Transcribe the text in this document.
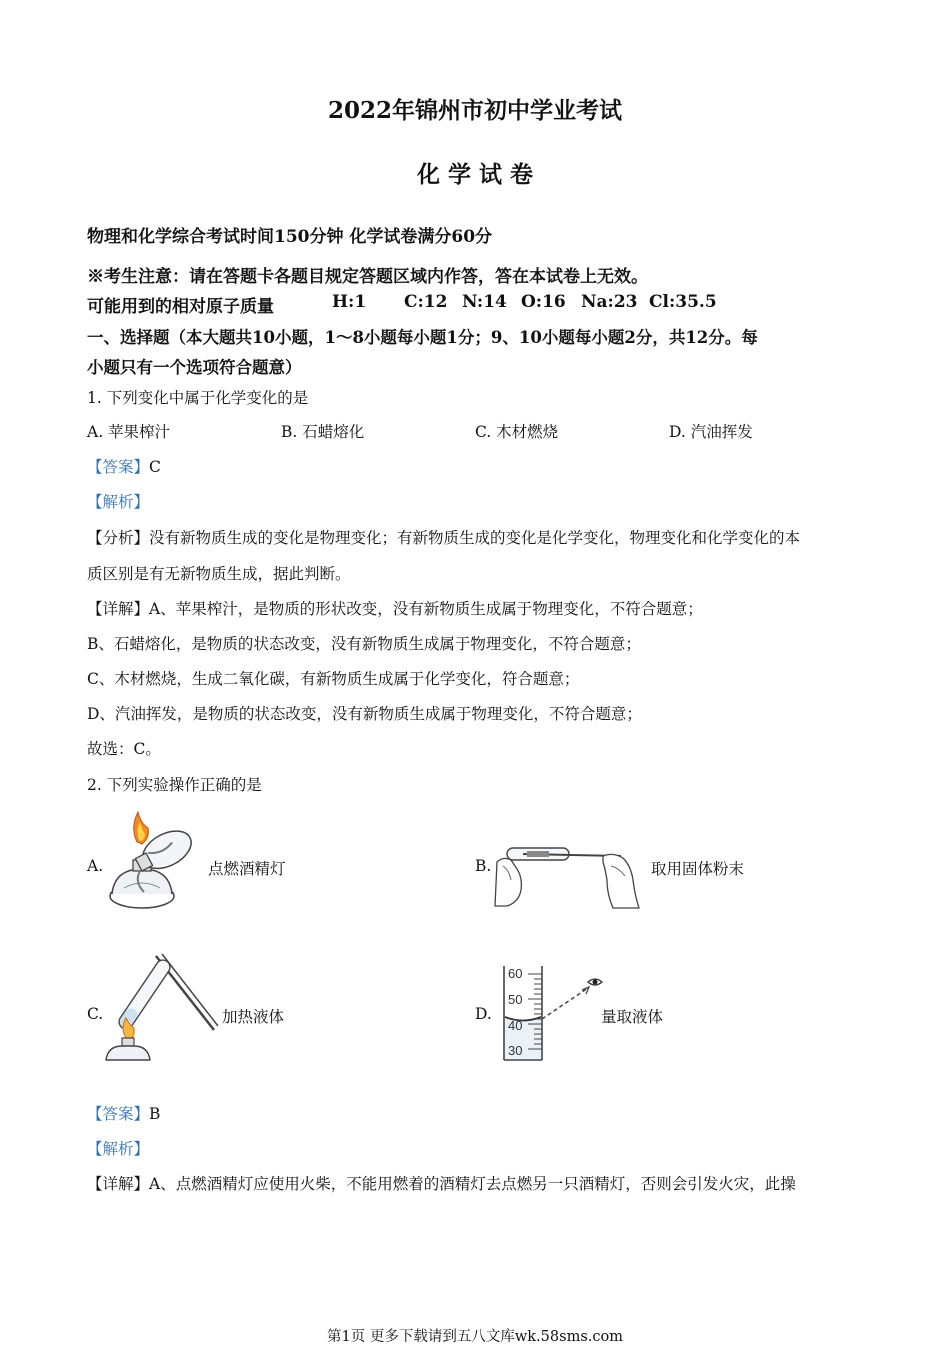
2022年锦州市初中学业考试
化 学 试 卷
物理和化学综合考试时间150分钟 化学试卷满分60分
※考生注意：请在答题卡各题目规定答题区域内作答，答在本试卷上无效。
可能用到的相对原子质量	H:1 C:12 N:14 O:16 Na:23 Cl:35.5
一、选择题（本大题共10小题，1～8小题每小题1分；9、10小题每小题2分，共12分。每
小题只有一个选项符合题意）
1. 下列变化中属于化学变化的是
A. 苹果榨汁	B. 石蜡熔化	C. 木材燃烧	D. 汽油挥发
【答案】C
【解析】
【分析】没有新物质生成的变化是物理变化；有新物质生成的变化是化学变化，物理变化和化学变化的本
质区别是有无新物质生成，据此判断。
【详解】A、苹果榨汁，是物质的形状改变，没有新物质生成属于物理变化，不符合题意；
B、石蜡熔化，是物质的状态改变，没有新物质生成属于物理变化，不符合题意；
C、木材燃烧，生成二氧化碳，有新物质生成属于化学变化，符合题意；
D、汽油挥发，是物质的状态改变，没有新物质生成属于物理变化，不符合题意；
故选：C。
2. 下列实验操作正确的是
A.	点燃酒精灯	B.	取用固体粉末
C.	加热液体	D.
60
50
40
30
量取液体
【答案】B
【解析】
【详解】A、点燃酒精灯应使用火柴，不能用燃着的酒精灯去点燃另一只酒精灯，否则会引发火灾，此操
第1页 更多下载请到五八文库wk.58sms.com
